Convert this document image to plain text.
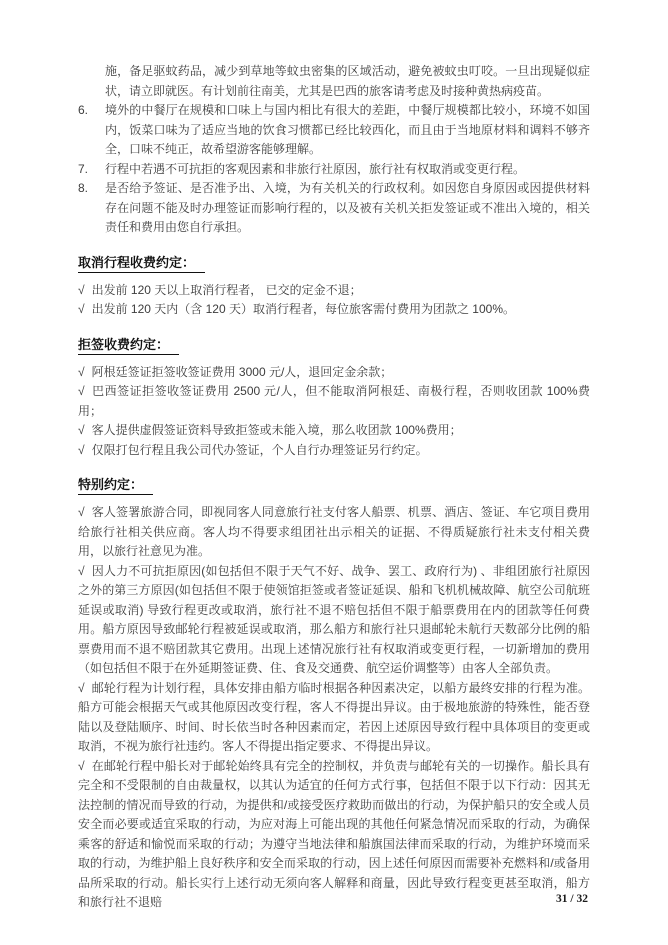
施，备足驱蚊药品，减少到草地等蚊虫密集的区域活动，避免被蚊虫叮咬。一旦出现疑似症状，请立即就医。有计划前往南美，尤其是巴西的旅客请考虑及时接种黄热病疫苗。

6.	境外的中餐厅在规模和口味上与国内相比有很大的差距，中餐厅规模都比较小，环境不如国内，饭菜口味为了适应当地的饮食习惯都已经比较西化，而且由于当地原材料和调料不够齐全，口味不纯正，故希望游客能够理解。
7.	行程中若遇不可抗拒的客观因素和非旅行社原因，旅行社有权取消或变更行程。
8.	是否给予签证、是否准予出、入境，为有关机关的行政权利。如因您自身原因或因提供材料存在问题不能及时办理签证而影响行程的，以及被有关机关拒发签证或不准出入境的，相关责任和费用由您自行承担。
取消行程收费约定：

√ 出发前 120 天以上取消行程者， 已交的定金不退；

√ 出发前 120 天内（含 120 天）取消行程者，每位旅客需付费用为团款之 100%。

拒签收费约定：

√ 阿根廷签证拒签收签证费用 3000 元/人，退回定金余款；

√ 巴西签证拒签收签证费用 2500 元/人，但不能取消阿根廷、南极行程，否则收团款 100%费用；

√ 客人提供虚假签证资料导致拒签或未能入境，那么收团款 100%费用；

√ 仅限打包行程且我公司代办签证，个人自行办理签证另行约定。

特别约定：

√ 客人签署旅游合同，即视同客人同意旅行社支付客人船票、机票、酒店、签证、车它项目费用给旅行社相关供应商。客人均不得要求组团社出示相关的证据、不得质疑旅行社未支付相关费用，以旅行社意见为准。

√ 因人力不可抗拒原因(如包括但不限于天气不好、战争、罢工、政府行为) 、非组团旅行社原因之外的第三方原因(如包括但不限于使领馆拒签或者签证延误、船和飞机机械故障、航空公司航班延误或取消) 导致行程更改或取消，旅行社不退不赔包括但不限于船票费用在内的团款等任何费用。船方原因导致邮轮行程被延误或取消，那么船方和旅行社只退邮轮未航行天数部分比例的船票费用而不退不赔团款其它费用。出现上述情况旅行社有权取消或变更行程，一切新增加的费用（如包括但不限于在外延期签证费、住、食及交通费、航空运价调整等）由客人全部负责。

√ 邮轮行程为计划行程，具体安排由船方临时根据各种因素决定，以船方最终安排的行程为准。船方可能会根据天气或其他原因改变行程，客人不得提出异议。由于极地旅游的特殊性，能否登陆以及登陆顺序、时间、时长依当时各种因素而定，若因上述原因导致行程中具体项目的变更或取消，不视为旅行社违约。客人不得提出指定要求、不得提出异议。

√ 在邮轮行程中船长对于邮轮始终具有完全的控制权，并负责与邮轮有关的一切操作。船长具有完全和不受限制的自由裁量权，以其认为适宜的任何方式行事，包括但不限于以下行动：因其无法控制的情况而导致的行动，为提供和/或接受医疗救助而做出的行动，为保护船只的安全或人员安全而必要或适宜采取的行动，为应对海上可能出现的其他任何紧急情况而采取的行动，为确保乘客的舒适和愉悦而采取的行动；为遵守当地法律和船旗国法律而采取的行动，为维护环境而采取的行动，为维护船上良好秩序和安全而采取的行动，因上述任何原因而需要补充燃料和/或备用品所采取的行动。船长实行上述行动无须向客人解释和商量，因此导致行程变更甚至取消，船方和旅行社不退赔	31 / 32
